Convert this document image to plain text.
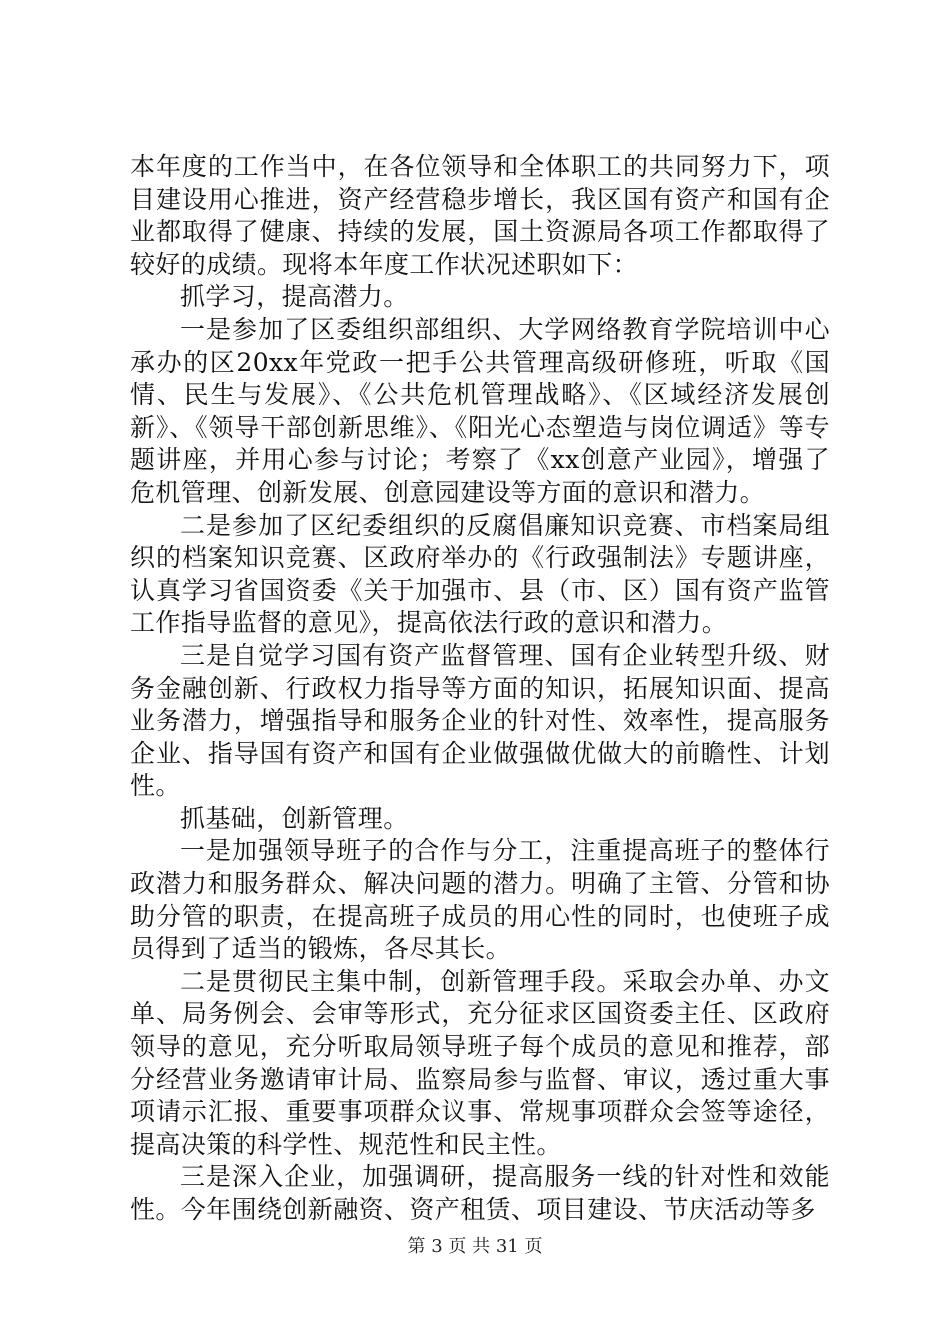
本年度的工作当中，在各位领导和全体职工的共同努力下，项目建设用心推进，资产经营稳步增长，我区国有资产和国有企业都取得了健康、持续的发展，国土资源局各项工作都取得了较好的成绩。现将本年度工作状况述职如下：

抓学习，提高潜力。

一是参加了区委组织部组织、大学网络教育学院培训中心承办的区20xx年党政一把手公共管理高级研修班，听取《国情、民生与发展》、《公共危机管理战略》、《区域经济发展创新》、《领导干部创新思维》、《阳光心态塑造与岗位调适》等专题讲座，并用心参与讨论；考察了《xx创意产业园》，增强了危机管理、创新发展、创意园建设等方面的意识和潜力。

二是参加了区纪委组织的反腐倡廉知识竞赛、市档案局组织的档案知识竞赛、区政府举办的《行政强制法》专题讲座，认真学习省国资委《关于加强市、县（市、区）国有资产监管工作指导监督的意见》，提高依法行政的意识和潜力。

三是自觉学习国有资产监督管理、国有企业转型升级、财务金融创新、行政权力指导等方面的知识，拓展知识面、提高业务潜力，增强指导和服务企业的针对性、效率性，提高服务企业、指导国有资产和国有企业做强做优做大的前瞻性、计划性。

抓基础，创新管理。

一是加强领导班子的合作与分工，注重提高班子的整体行政潜力和服务群众、解决问题的潜力。明确了主管、分管和协助分管的职责，在提高班子成员的用心性的同时，也使班子成员得到了适当的锻炼，各尽其长。

二是贯彻民主集中制，创新管理手段。采取会办单、办文单、局务例会、会审等形式，充分征求区国资委主任、区政府领导的意见，充分听取局领导班子每个成员的意见和推荐，部分经营业务邀请审计局、监察局参与监督、审议，透过重大事项请示汇报、重要事项群众议事、常规事项群众会签等途径，提高决策的科学性、规范性和民主性。

三是深入企业，加强调研，提高服务一线的针对性和效能性。今年围绕创新融资、资产租赁、项目建设、节庆活动等多

第 3 页 共 31 页
